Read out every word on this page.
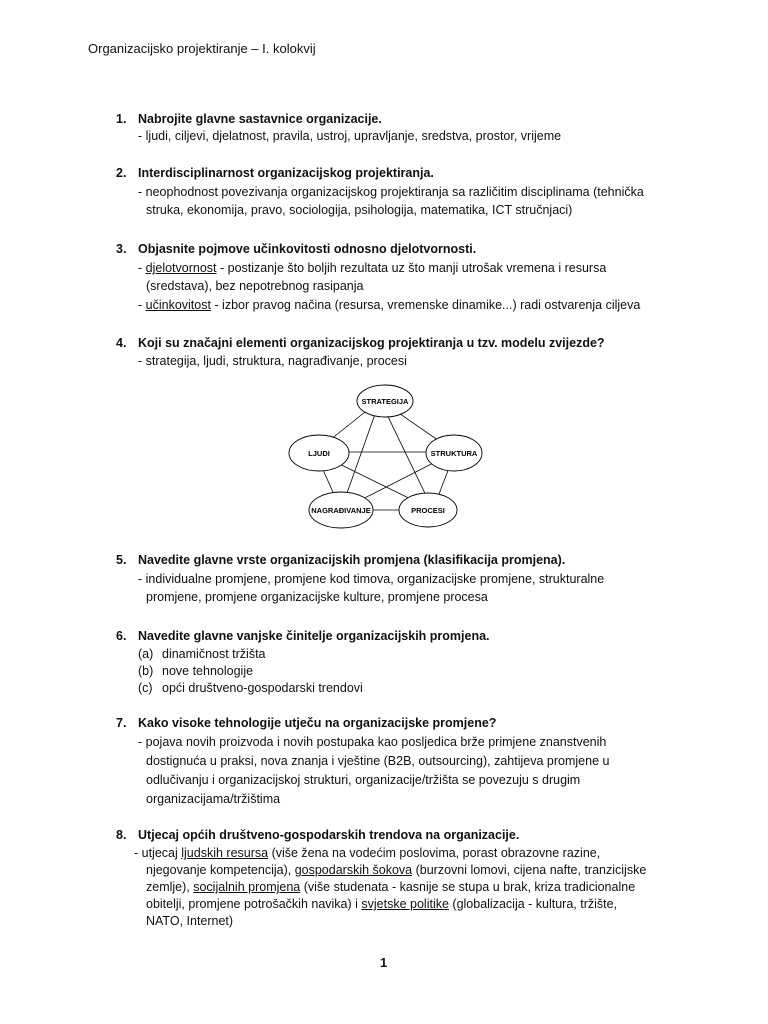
Organizacijsko projektiranje – I. kolokvij
1. Nabrojite glavne sastavnice organizacije.
- ljudi, ciljevi, djelatnost, pravila, ustroj, upravljanje, sredstva, prostor, vrijeme
2. Interdisciplinarnost organizacijskog projektiranja.
- neophodnost povezivanja organizacijskog projektiranja sa različitim disciplinama (tehnička
struka, ekonomija, pravo, sociologija, psihologija, matematika, ICT stručnjaci)
3. Objasnite pojmove učinkovitosti odnosno djelotvornosti.
- djelotvornost - postizanje što boljih rezultata uz što manji utrošak vremena i resursa
(sredstava), bez nepotrebnog rasipanja
- učinkovitost - izbor pravog načina (resursa, vremenske dinamike...) radi ostvarenja ciljeva
4. Koji su značajni elementi organizacijskog projektiranja u tzv. modelu zvijezde?
- strategija, ljudi, struktura, nagrađivanje, procesi
STRATEGIJA
LJUDI	STRUKTURA
NAGRAĐIVANJE	PROCESI
5. Navedite glavne vrste organizacijskih promjena (klasifikacija promjena).
- individualne promjene, promjene kod timova, organizacijske promjene, strukturalne
promjene, promjene organizacijske kulture, promjene procesa
6. Navedite glavne vanjske činitelje organizacijskih promjena.
(a) dinamičnost tržišta
(b) nove tehnologije
(c) opći društveno-gospodarski trendovi
7. Kako visoke tehnologije utječu na organizacijske promjene?
- pojava novih proizvoda i novih postupaka kao posljedica brže primjene znanstvenih
dostignuća u praksi, nova znanja i vještine (B2B, outsourcing), zahtijeva promjene u
odlučivanju i organizacijskoj strukturi, organizacije/tržišta se povezuju s drugim
organizacijama/tržištima
8. Utjecaj općih društveno-gospodarskih trendova na organizacije.
- utjecaj ljudskih resursa (više žena na vodećim poslovima, porast obrazovne razine,
njegovanje kompetencija), gospodarskih šokova (burzovni lomovi, cijena nafte, tranzicijske
zemlje), socijalnih promjena (više studenata - kasnije se stupa u brak, kriza tradicionalne
obitelji, promjene potrošačkih navika) i svjetske politike (globalizacija - kultura, tržište,
NATO, Internet)
1
